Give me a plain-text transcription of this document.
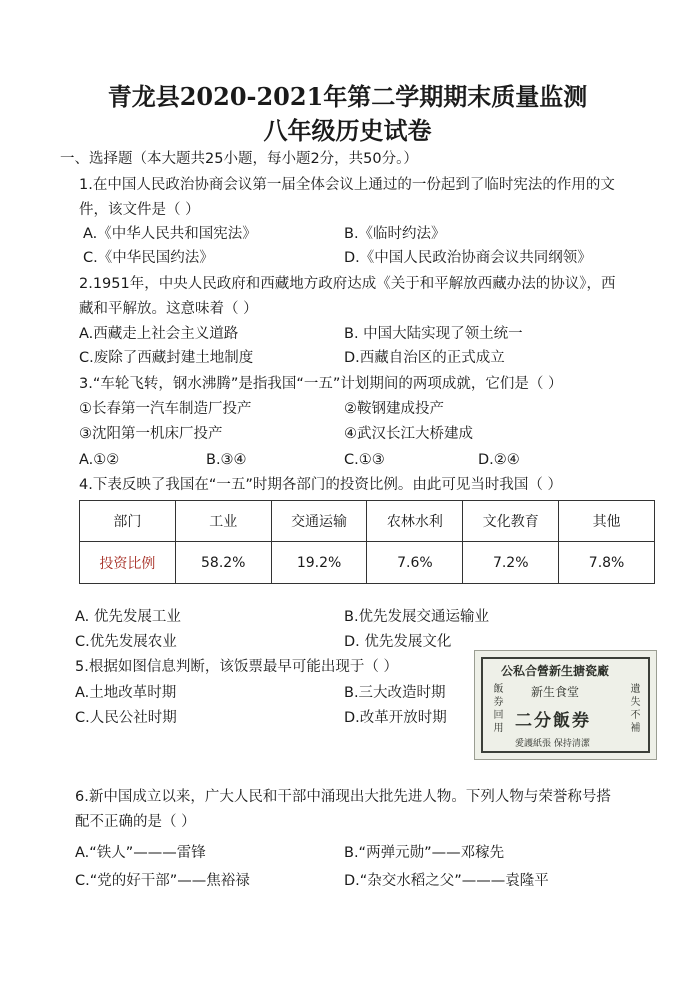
青龙县2020-2021年第二学期期末质量监测
八年级历史试卷
一、选择题（本大题共25小题，每小题2分，共50分。）
1.在中国人民政治协商会议第一届全体会议上通过的一份起到了临时宪法的作用的文
件，该文件是（ ）
A.《中华人民共和国宪法》	B.《临时约法》
C.《中华民国约法》	D.《中国人民政治协商会议共同纲领》
2.1951年，中央人民政府和西藏地方政府达成《关于和平解放西藏办法的协议》，西
藏和平解放。这意味着（ ）
A.西藏走上社会主义道路	B. 中国大陆实现了领土统一
C.废除了西藏封建土地制度	D.西藏自治区的正式成立
3.“车轮飞转，钢水沸腾”是指我国“一五”计划期间的两项成就，它们是（ ）
①长春第一汽车制造厂投产	②鞍钢建成投产
③沈阳第一机床厂投产	④武汉长江大桥建成
A.①②	B.③④	C.①③	D.②④
4.下表反映了我国在“一五”时期各部门的投资比例。由此可见当时我国（ ）
部门	工业	交通运输	农林水利	文化教育	其他
投资比例	58.2%	19.2%	7.6%	7.2%	7.8%
A. 优先发展工业	B.优先发展交通运输业
C.优先发展农业	D. 优先发展文化
5.根据如图信息判断，该饭票最早可能出现于（ ）
A.土地改革时期	B.三大改造时期
C.人民公社时期	D.改革开放时期
公私合營新生搪瓷廠
飯券回用
遺失不補
新生食堂
二分飯券
愛護紙張 保持清潔
6.新中国成立以来，广大人民和干部中涌现出大批先进人物。下列人物与荣誉称号搭
配不正确的是（ ）
A.“铁人”———雷锋	B.“两弹元勋”——邓稼先
C.“党的好干部”——焦裕禄	D.“杂交水稻之父”———袁隆平
